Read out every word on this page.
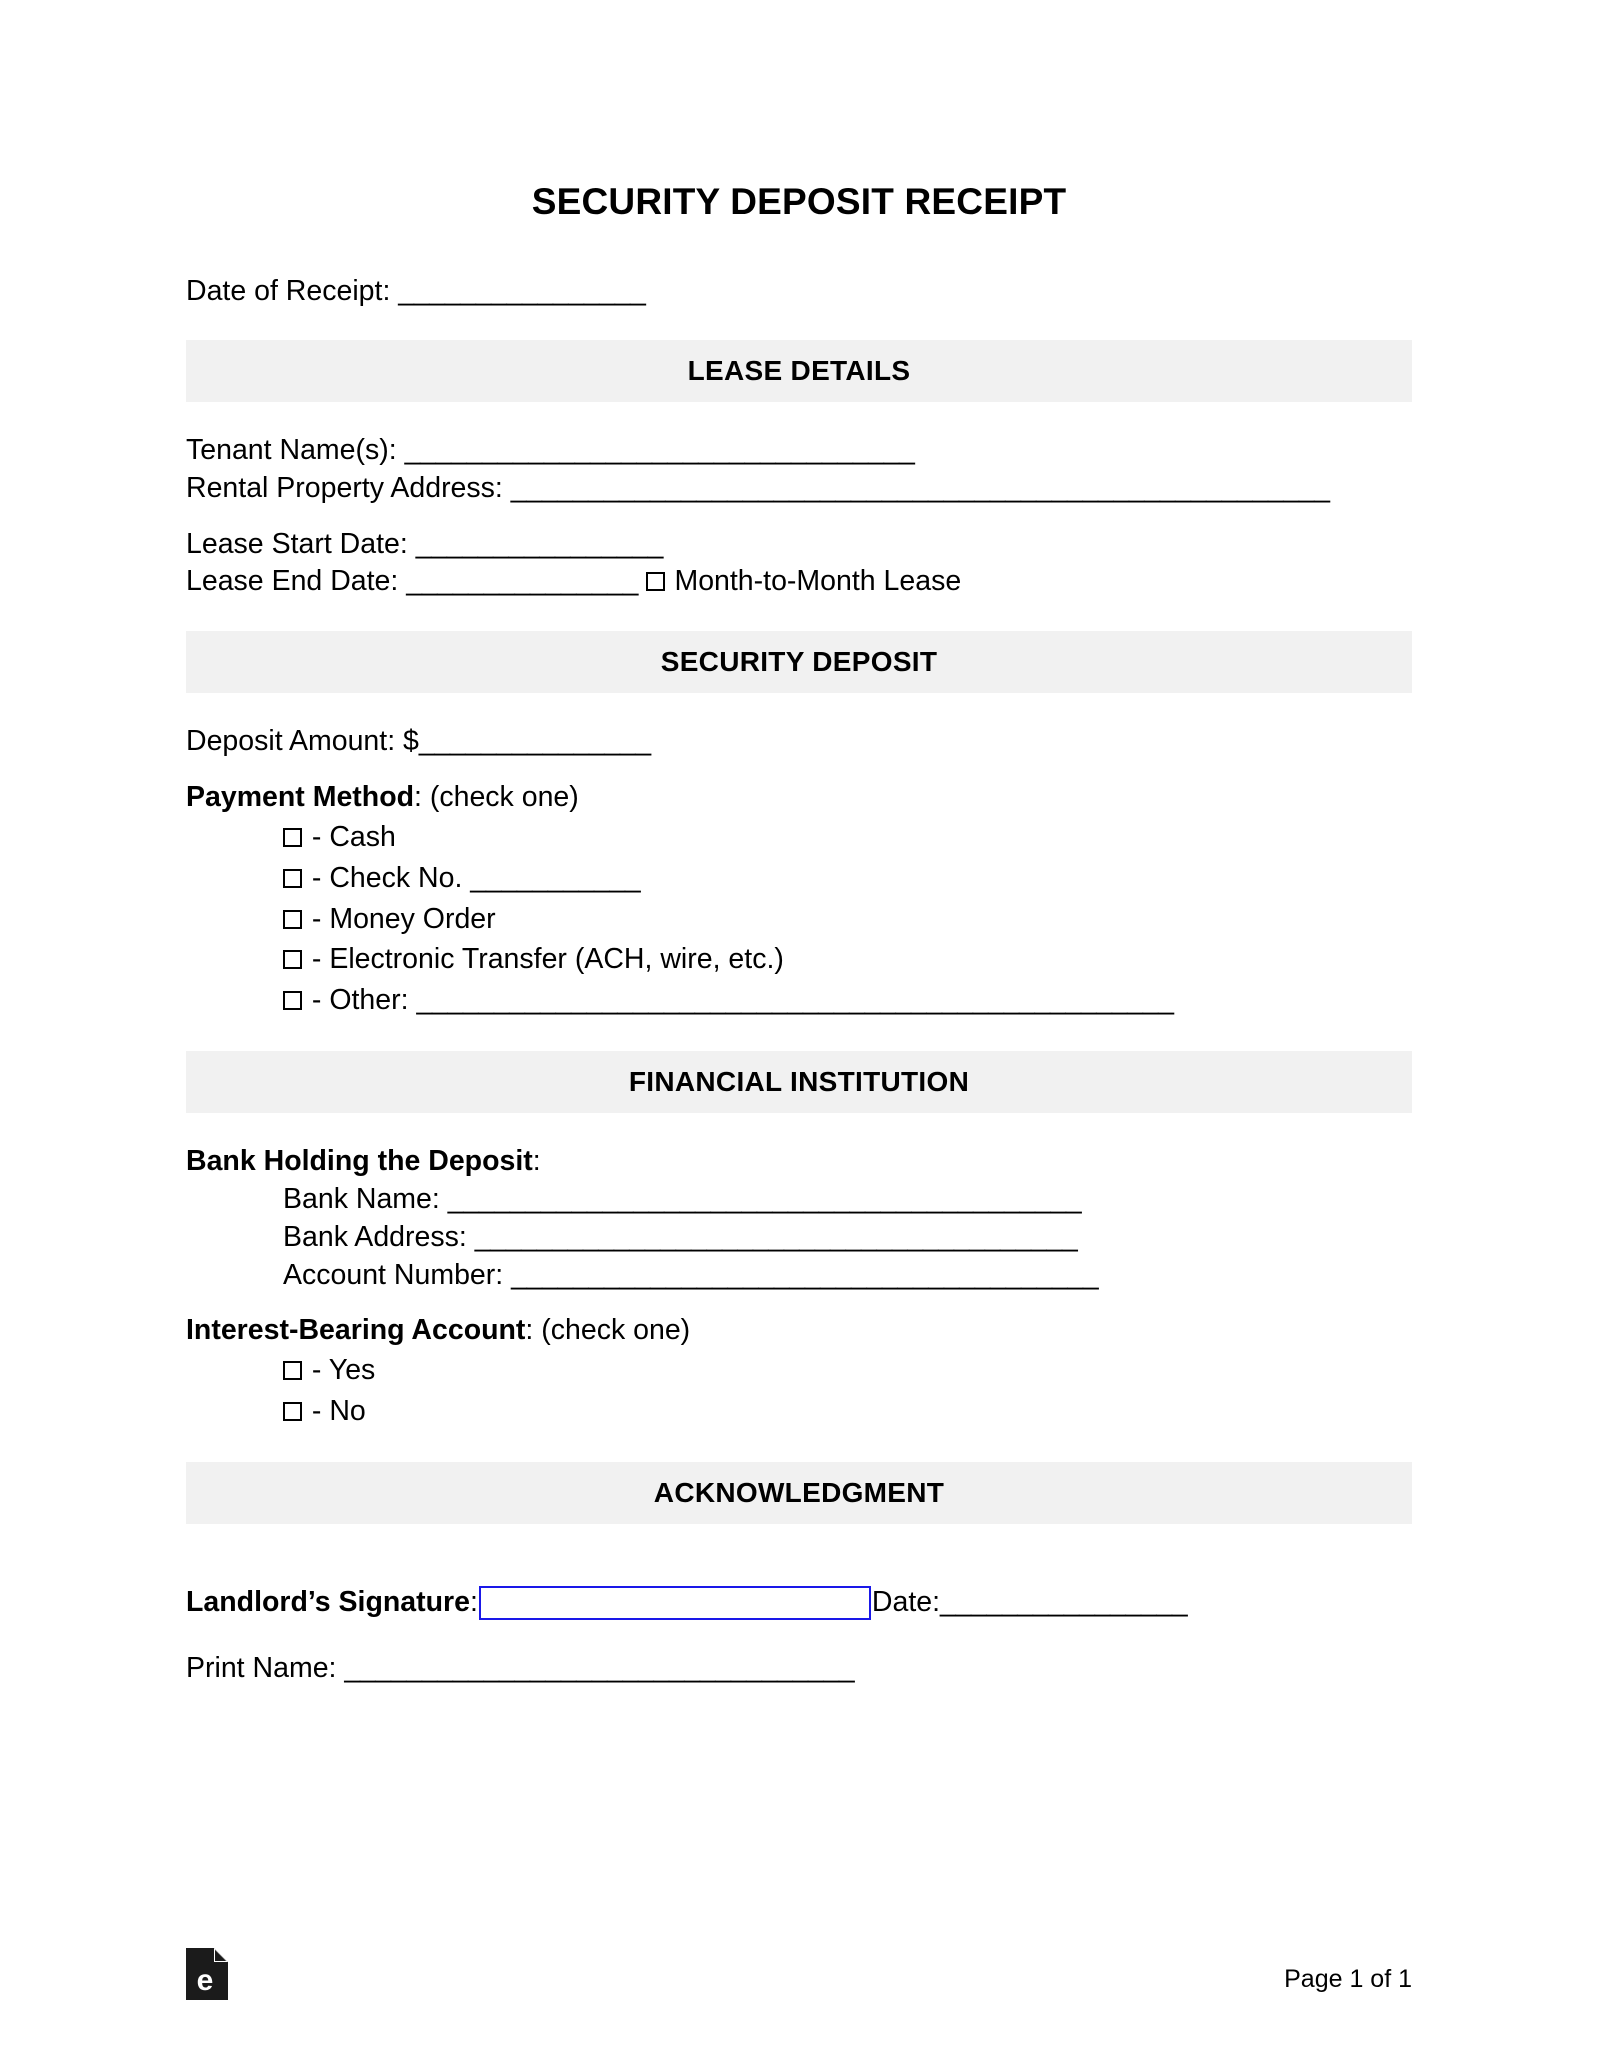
SECURITY DEPOSIT RECEIPT
Date of Receipt: ________________
LEASE DETAILS
Tenant Name(s): _________________________________
Rental Property Address: _____________________________________________________
Lease Start Date: ________________
Lease End Date: _______________  Month-to-Month Lease
SECURITY DEPOSIT
Deposit Amount: $_______________
Payment Method: (check one)
- Cash
- Check No. ___________
- Money Order
- Electronic Transfer (ACH, wire, etc.)
- Other: _________________________________________________
FINANCIAL INSTITUTION
Bank Holding the Deposit:
Bank Name: _________________________________________
Bank Address: _______________________________________
Account Number: ______________________________________
Interest-Bearing Account: (check one)
- Yes
- No
ACKNOWLEDGMENT
Landlord’s Signature :	Date: ________________
Print Name: _________________________________
e	Page 1 of 1
